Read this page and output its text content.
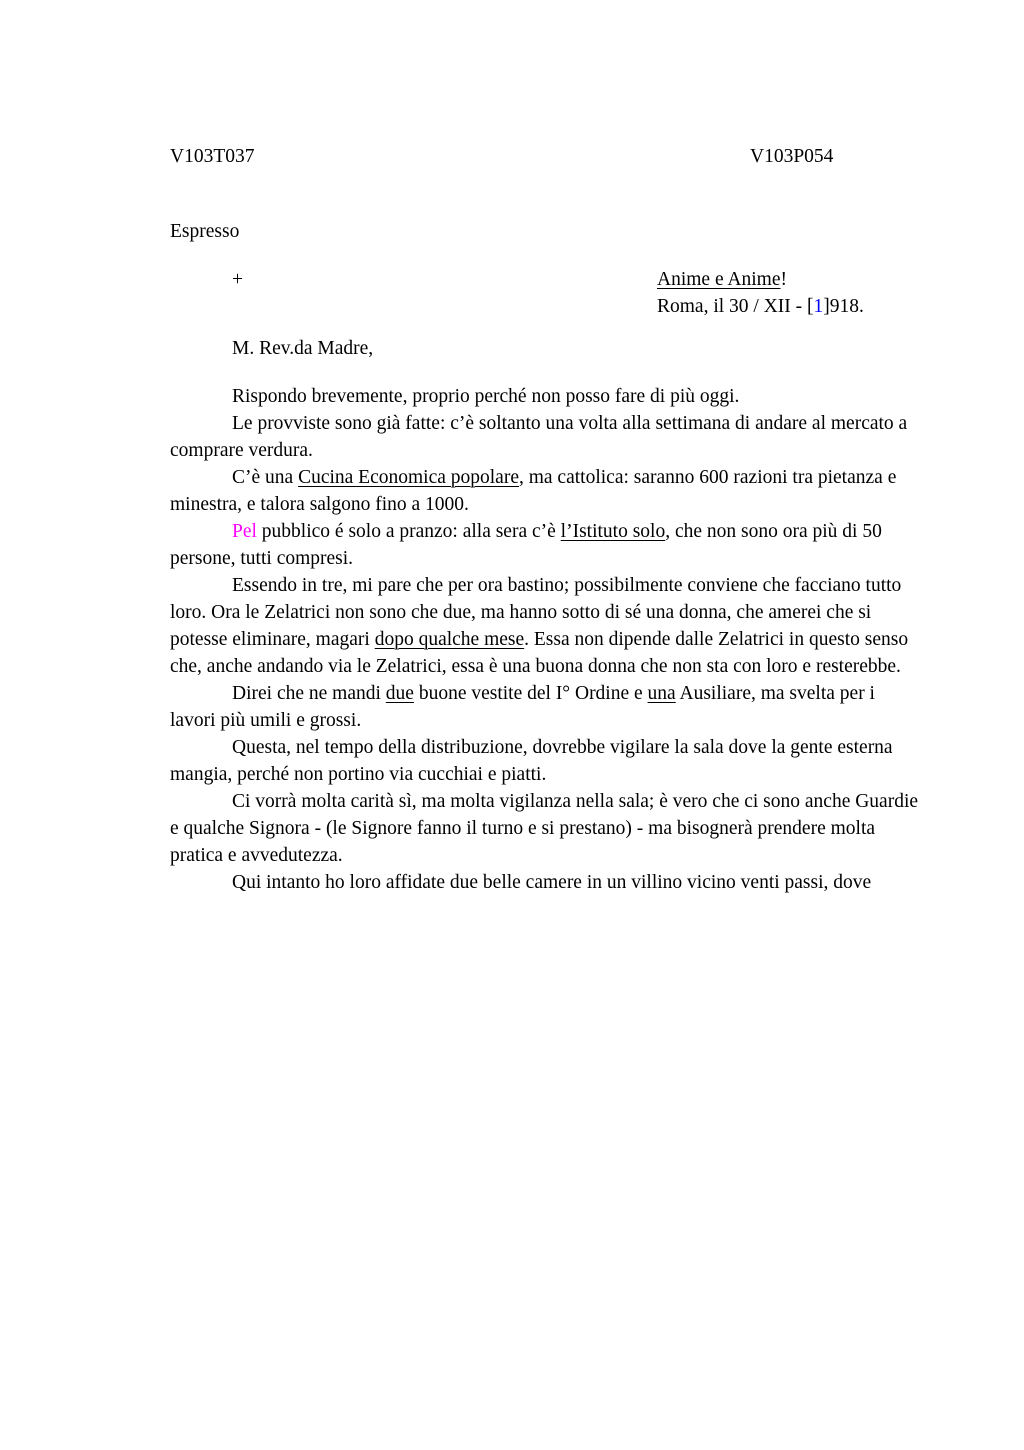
V103T037	V103P054
Espresso
+	Anime e Anime!
Roma, il 30 / XII - [1]918.
M. Rev.da Madre,

Rispondo brevemente, proprio perché non posso fare di più oggi.

Le provviste sono già fatte: c’è soltanto una volta alla settimana di andare al mercato a comprare verdura.

C’è una Cucina Economica popolare, ma cattolica: saranno 600 razioni tra pietanza e minestra, e talora salgono fino a 1000.

Pel pubblico é solo a pranzo: alla sera c’è l’Istituto solo, che non sono ora più di 50 persone, tutti compresi.

Essendo in tre, mi pare che per ora bastino; possibilmente conviene che facciano tutto loro. Ora le Zelatrici non sono che due, ma hanno sotto di sé una donna, che amerei che si potesse eliminare, magari dopo qualche mese. Essa non dipende dalle Zelatrici in questo senso che, anche andando via le Zelatrici, essa è una buona donna che non sta con loro e resterebbe.

Direi che ne mandi due buone vestite del I° Ordine e una Ausiliare, ma svelta per i lavori più umili e grossi.

Questa, nel tempo della distribuzione, dovrebbe vigilare la sala dove la gente esterna mangia, perché non portino via cucchiai e piatti.

Ci vorrà molta carità sì, ma molta vigilanza nella sala; è vero che ci sono anche Guardie e qualche Signora - (le Signore fanno il turno e si prestano) - ma bisognerà prendere molta pratica e avvedutezza.

Qui intanto ho loro affidate due belle camere in un villino vicino venti passi, dove
